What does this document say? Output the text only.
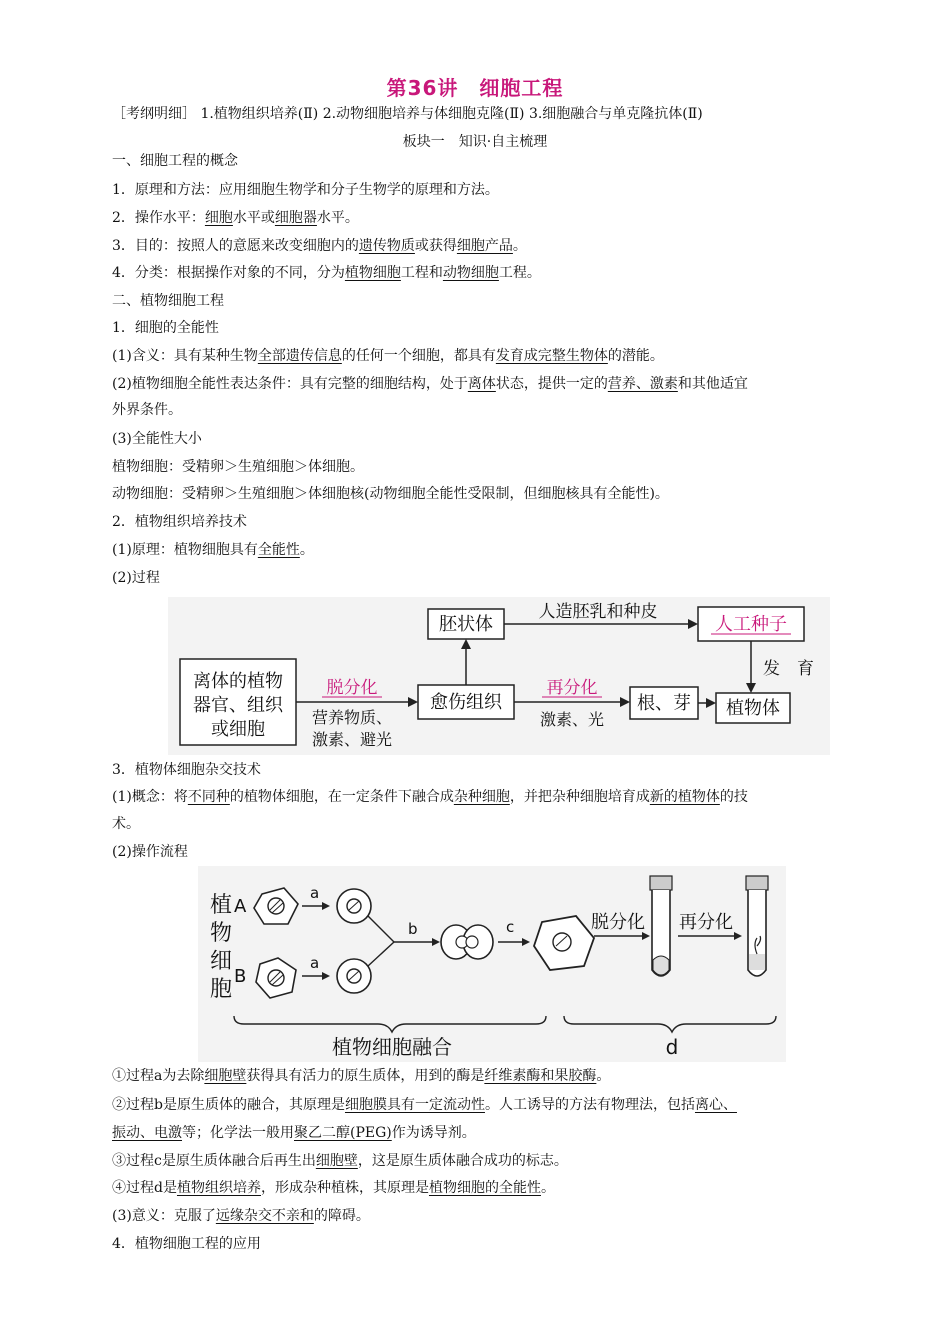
第36讲　细胞工程
［考纲明细］ 1.植物组织培养(Ⅱ) 2.动物细胞培养与体细胞克隆(Ⅱ) 3.细胞融合与单克隆抗体(Ⅱ)
板块一　知识·自主梳理
一、细胞工程的概念
1．原理和方法：应用细胞生物学和分子生物学的原理和方法。
2．操作水平：细胞水平或细胞器水平。
3．目的：按照人的意愿来改变细胞内的遗传物质或获得细胞产品。
4．分类：根据操作对象的不同，分为植物细胞工程和动物细胞工程。
二、植物细胞工程
1．细胞的全能性
(1)含义：具有某种生物全部遗传信息的任何一个细胞，都具有发育成完整生物体的潜能。
(2)植物细胞全能性表达条件：具有完整的细胞结构，处于离体状态，提供一定的营养、激素和其他适宜
外界条件。
(3)全能性大小
植物细胞：受精卵＞生殖细胞＞体细胞。
动物细胞：受精卵＞生殖细胞＞体细胞核(动物细胞全能性受限制，但细胞核具有全能性)。
2．植物组织培养技术
(1)原理：植物细胞具有全能性。
(2)过程
离体的植物
器官、组织
或细胞
脱分化
营养物质、
激素、避光
愈伤组织
胚状体
人造胚乳和种皮
人工种子
发　育
再分化
激素、光
根、芽 植物体
3．植物体细胞杂交技术
(1)概念：将不同种的植物体细胞，在一定条件下融合成杂种细胞，并把杂种细胞培育成新的植物体的技
术。
(2)操作流程
植
物
细
胞
A
a
B
a
b	c	脱分化 再分化
植物细胞融合	d
①过程a为去除细胞壁获得具有活力的原生质体，用到的酶是纤维素酶和果胶酶。
②过程b是原生质体的融合，其原理是细胞膜具有一定流动性。人工诱导的方法有物理法，包括离心、
振动、电激等；化学法一般用聚乙二醇(PEG)作为诱导剂。
③过程c是原生质体融合后再生出细胞壁，这是原生质体融合成功的标志。
④过程d是植物组织培养，形成杂种植株，其原理是植物细胞的全能性。
(3)意义：克服了远缘杂交不亲和的障碍。
4．植物细胞工程的应用
